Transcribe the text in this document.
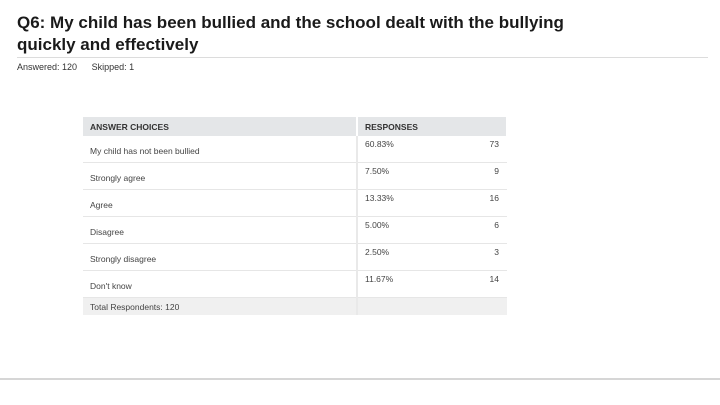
Q6: My child has been bullied and the school dealt with the bullying quickly and effectively
Answered: 120 Skipped: 1
ANSWER CHOICES	RESPONSES	
My child has not been bullied	60.83%	73
Strongly agree	7.50%	9
Agree	13.33%	16
Disagree	5.00%	6
Strongly disagree	2.50%	3
Don't know	11.67%	14
Total Respondents: 120		
